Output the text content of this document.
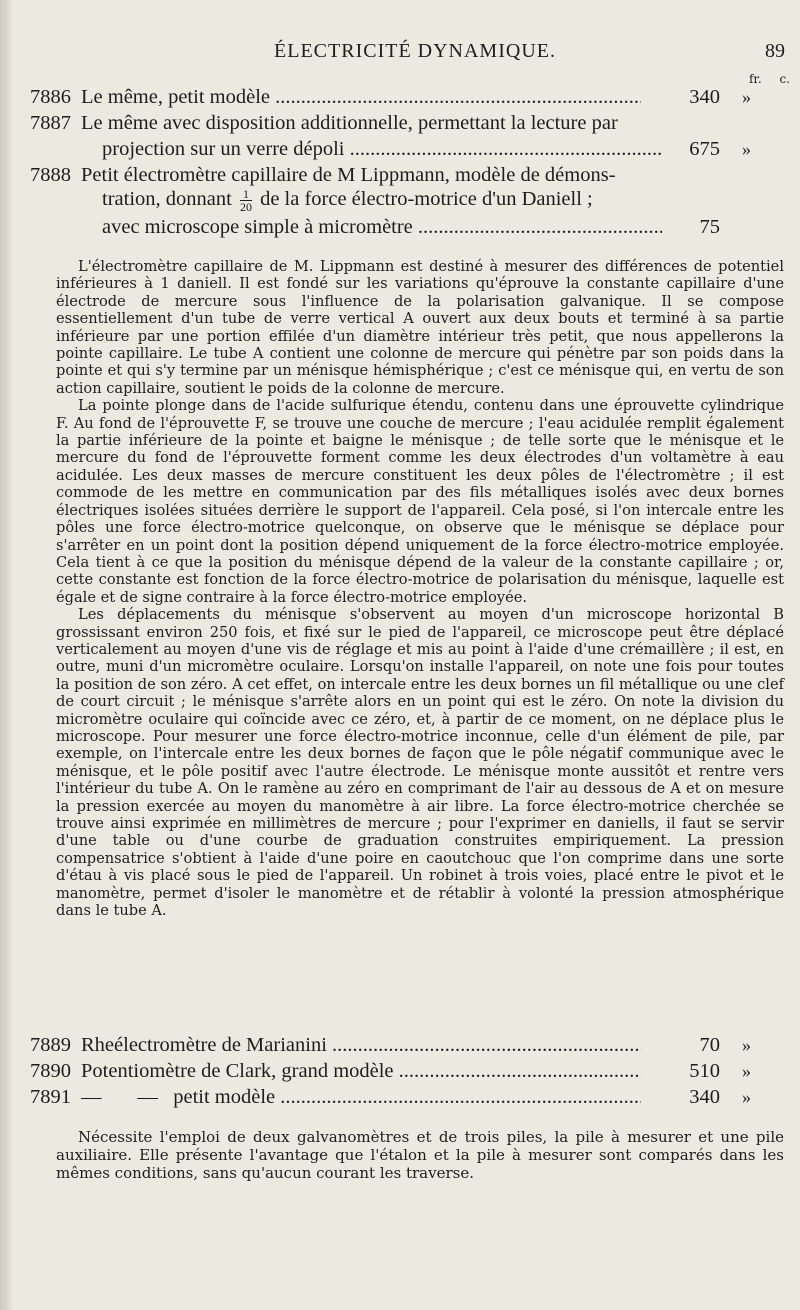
ÉLECTRICITÉ DYNAMIQUE.	89
fr. c.
7886 Le même, petit modèle .....	340 »
7887 Le même avec disposition additionnelle, permettant la lecture par
projection sur un verre dépoli .....	675 »
7888 Petit électromètre capillaire de M Lippmann, modèle de démons-
tration, donnant $\frac{1}{20}$ de la force électro-motrice d'un Daniell ;
avec microscope simple à micromètre .....	75

L'électromètre capillaire de M. Lippmann est destiné à mesurer des différences de potentiel inférieures à 1 daniell. Il est fondé sur les variations qu'éprouve la constante capillaire d'une électrode de mercure sous l'influence de la polarisation galvanique. Il se compose essentiellement d'un tube de verre vertical A ouvert aux deux bouts et terminé à sa partie inférieure par une portion effilée d'un diamètre intérieur très petit, que nous appellerons la pointe capillaire. Le tube A contient une colonne de mercure qui pénètre par son poids dans la pointe et qui s'y termine par un ménisque hémisphérique ; c'est ce ménisque qui, en vertu de son action capillaire, soutient le poids de la colonne de mercure.

La pointe plonge dans de l'acide sulfurique étendu, contenu dans une éprouvette cylindrique F. Au fond de l'éprouvette F, se trouve une couche de mercure ; l'eau acidulée remplit également la partie inférieure de la pointe et baigne le ménisque ; de telle sorte que le ménisque et le mercure du fond de l'éprouvette forment comme les deux électrodes d'un voltamètre à eau acidulée. Les deux masses de mercure constituent les deux pôles de l'électromètre ; il est commode de les mettre en communication par des fils métalliques isolés avec deux bornes électriques isolées situées derrière le support de l'appareil. Cela posé, si l'on intercale entre les pôles une force électro-motrice quelconque, on observe que le ménisque se déplace pour s'arrêter en un point dont la position dépend uniquement de la force électro-motrice employée. Cela tient à ce que la position du ménisque dépend de la valeur de la constante capillaire ; or, cette constante est fonction de la force électro-motrice de polarisation du ménisque, laquelle est égale et de signe contraire à la force électro-motrice employée.

Les déplacements du ménisque s'observent au moyen d'un microscope horizontal B grossissant environ 250 fois, et fixé sur le pied de l'appareil, ce microscope peut être déplacé verticalement au moyen d'une vis de réglage et mis au point à l'aide d'une crémaillère ; il est, en outre, muni d'un micromètre oculaire. Lorsqu'on installe l'appareil, on note une fois pour toutes la position de son zéro. A cet effet, on intercale entre les deux bornes un fil métallique ou une clef de court circuit ; le ménisque s'arrête alors en un point qui est le zéro. On note la division du micromètre oculaire qui coïncide avec ce zéro, et, à partir de ce moment, on ne déplace plus le microscope. Pour mesurer une force électro-motrice inconnue, celle d'un élément de pile, par exemple, on l'intercale entre les deux bornes de façon que le pôle négatif communique avec le ménisque, et le pôle positif avec l'autre électrode. Le ménisque monte aussitôt et rentre vers l'intérieur du tube A. On le ramène au zéro en comprimant de l'air au dessous de A et on mesure la pression exercée au moyen du manomètre à air libre. La force électro-motrice cherchée se trouve ainsi exprimée en millimètres de mercure ; pour l'exprimer en daniells, il faut se servir d'une table ou d'une courbe de graduation construites empiriquement. La pression compensatrice s'obtient à l'aide d'une poire en caoutchouc que l'on comprime dans une sorte d'étau à vis placé sous le pied de l'appareil. Un robinet à trois voies, placé entre le pivot et le manomètre, permet d'isoler le manomètre et de rétablir à volonté la pression atmosphérique dans le tube A.

7889 Rheélectromètre de Marianini .....	70 »
7890 Potentiomètre de Clark, grand modèle .....	510 »
7891 —       —   petit modèle .....	340 »

Nécessite l'emploi de deux galvanomètres et de trois piles, la pile à mesurer et une pile auxiliaire. Elle présente l'avantage que l'étalon et la pile à mesurer sont comparés dans les mêmes conditions, sans qu'aucun courant les traverse.
